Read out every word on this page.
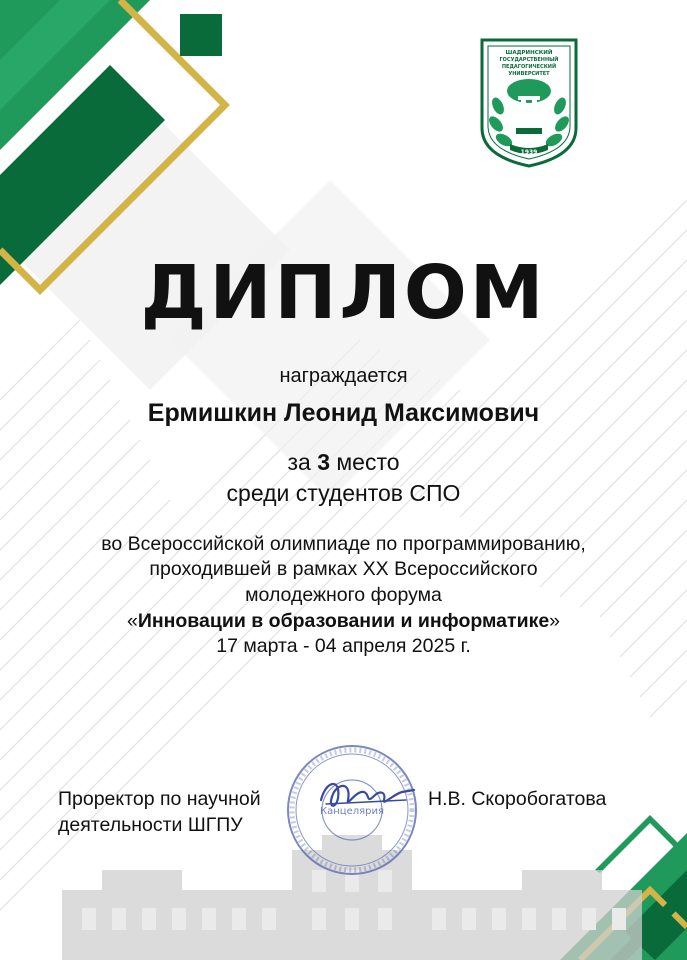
ШАДРИНСКИЙ
ГОСУДАРСТВЕННЫЙ
ПЕДАГОГИЧЕСКИЙ
УНИВЕРСИТЕТ
1939
ДИПЛОМ
награждается
Ермишкин Леонид Максимович
за 3 место
среди студентов СПО
во Всероссийской олимпиаде по программированию,
проходившей в рамках XX Всероссийского
молодежного форума
«Инновации в образовании и информатике»
17 марта - 04 апреля 2025 г.
Канцелярия
Проректор по научной
деятельности ШГПУ
Н.В. Скоробогатова
